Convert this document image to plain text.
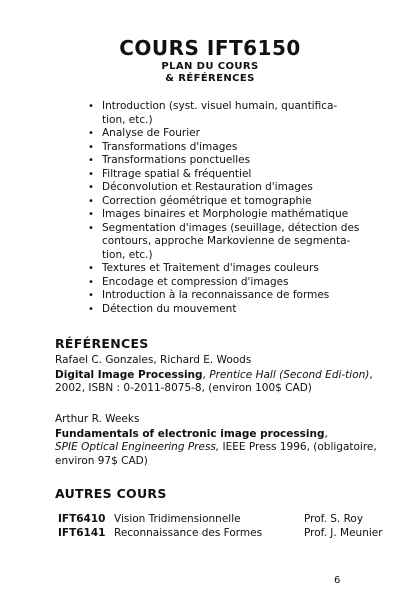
COURS IFT6150
PLAN DU COURS
& RÉFÉRENCES
• Introduction (syst. visuel humain, quantifica-
tion, etc.)
• Analyse de Fourier
• Transformations d'images
• Transformations ponctuelles
• Filtrage spatial & fréquentiel
• Déconvolution et Restauration d'images
• Correction géométrique et tomographie
• Images binaires et Morphologie mathématique
• Segmentation d'images (seuillage, détection des
contours, approche Markovienne de segmenta-
tion, etc.)
• Textures et Traitement d'images couleurs
• Encodage et compression d'images
• Introduction à la reconnaissance de formes
• Détection du mouvement
RÉFÉRENCES
Rafael C. Gonzales, Richard E. Woods
Digital Image Processing, Prentice Hall (Second Edi-tion), 2002, ISBN : 0-2011-8075-8, (environ 100$ CAD)
Arthur R. Weeks
Fundamentals of electronic image processing,
SPIE Optical Engineering Press, IEEE Press 1996, (obligatoire, environ 97$ CAD)
AUTRES COURS
IFT6410	Vision Tridimensionnelle	Prof. S. Roy
IFT6141	Reconnaissance des Formes	Prof. J. Meunier
6
